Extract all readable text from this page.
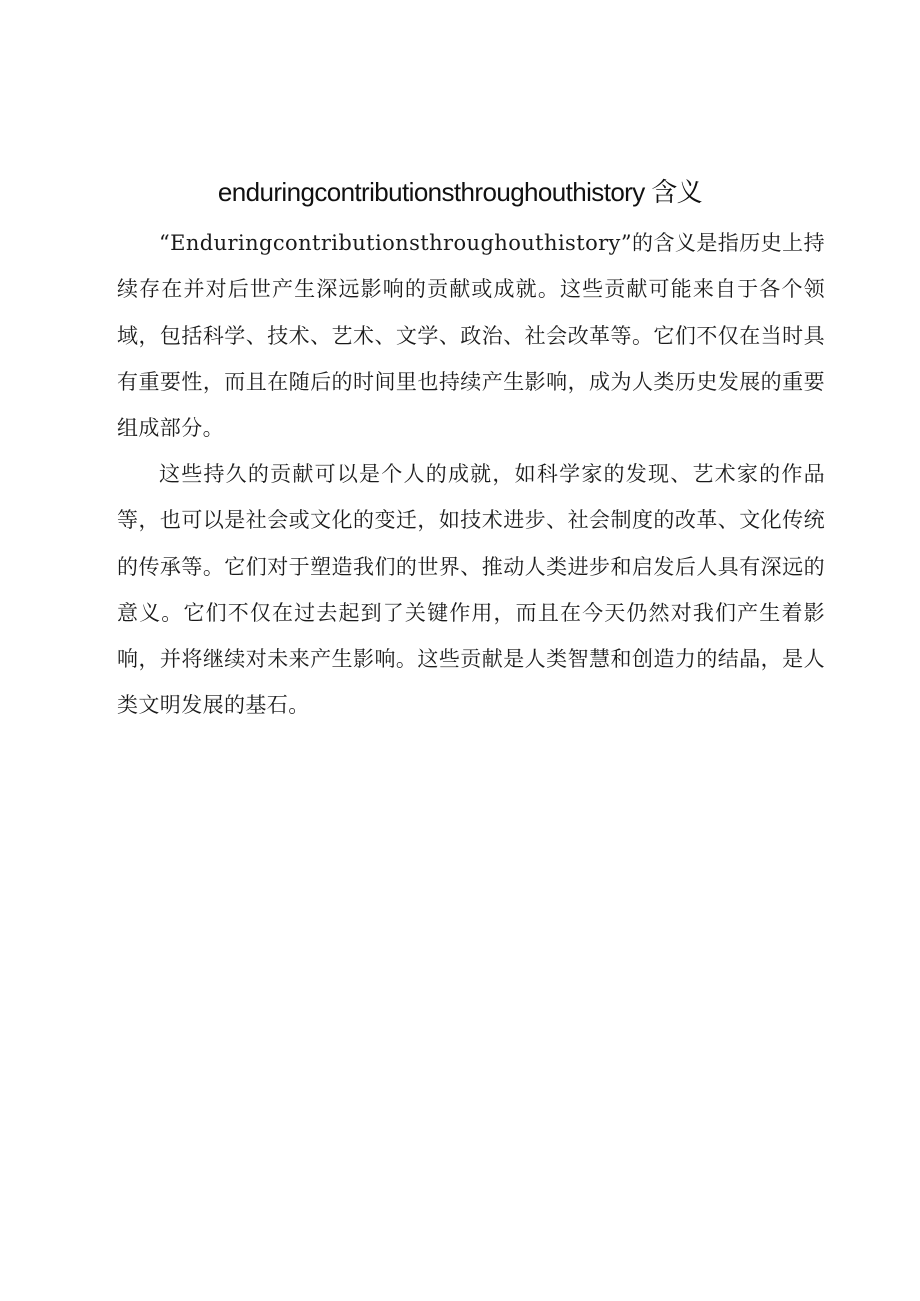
enduringcontributionsthroughouthistory 含义

“Enduringcontributionsthroughouthistory”的含义是指历史上持续存在并对后世产生深远影响的贡献或成就。这些贡献可能来自于各个领域，包括科学、技术、艺术、文学、政治、社会改革等。它们不仅在当时具有重要性，而且在随后的时间里也持续产生影响，成为人类历史发展的重要组成部分。

这些持久的贡献可以是个人的成就，如科学家的发现、艺术家的作品等，也可以是社会或文化的变迁，如技术进步、社会制度的改革、文化传统的传承等。它们对于塑造我们的世界、推动人类进步和启发后人具有深远的意义。它们不仅在过去起到了关键作用，而且在今天仍然对我们产生着影响，并将继续对未来产生影响。这些贡献是人类智慧和创造力的结晶，是人类文明发展的基石。
